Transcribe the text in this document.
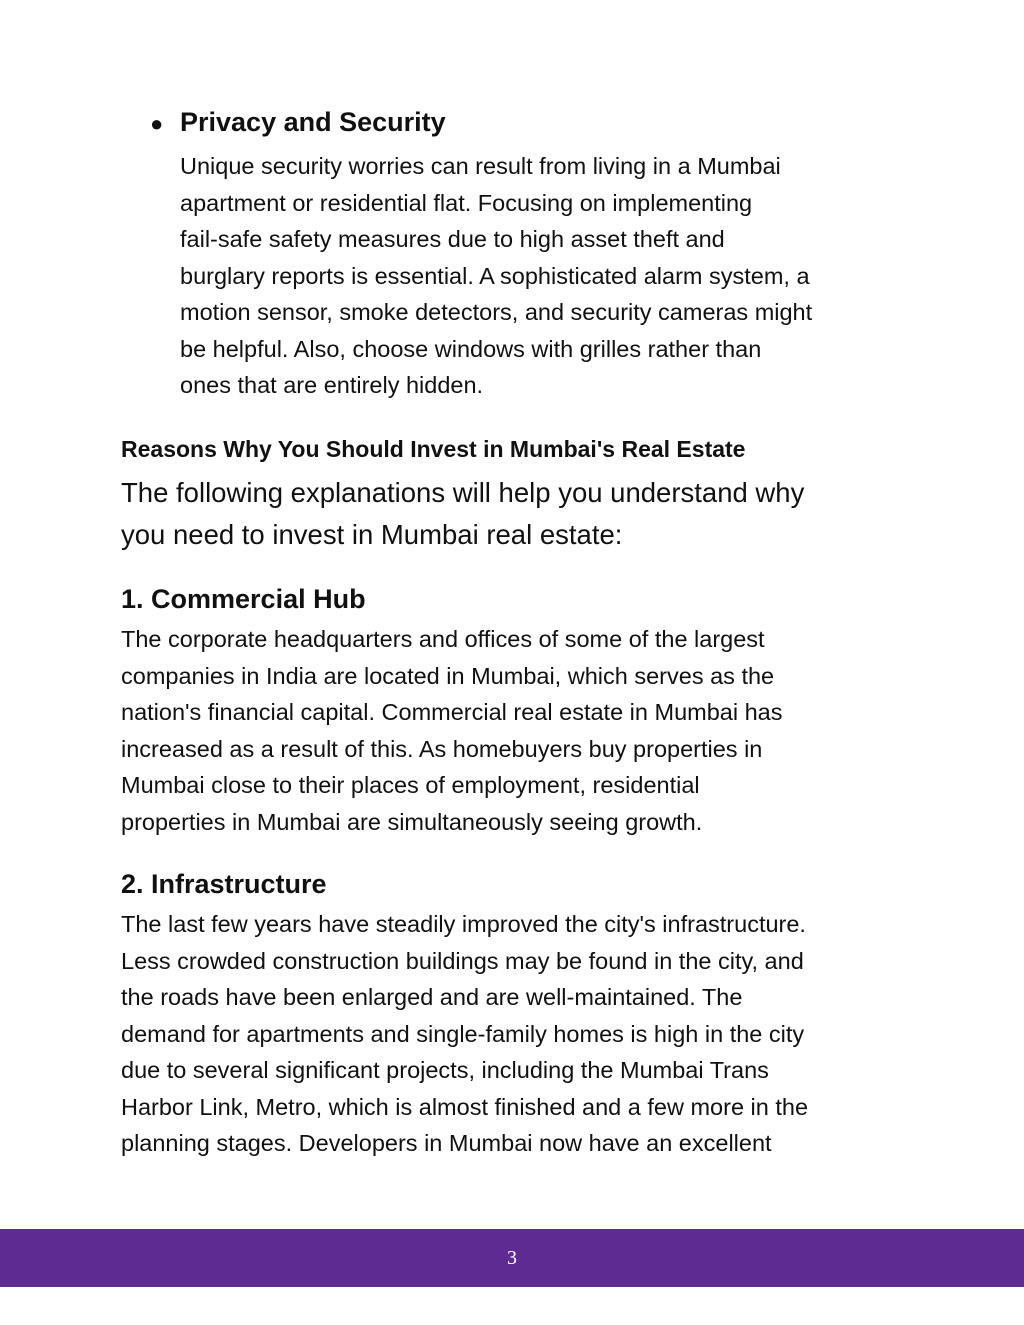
● Privacy and Security
Unique security worries can result from living in a Mumbai
apartment or residential flat. Focusing on implementing
fail-safe safety measures due to high asset theft and
burglary reports is essential. A sophisticated alarm system, a
motion sensor, smoke detectors, and security cameras might
be helpful. Also, choose windows with grilles rather than
ones that are entirely hidden.
Reasons Why You Should Invest in Mumbai's Real Estate
The following explanations will help you understand why
you need to invest in Mumbai real estate:
1. Commercial Hub
The corporate headquarters and offices of some of the largest
companies in India are located in Mumbai, which serves as the
nation's financial capital. Commercial real estate in Mumbai has
increased as a result of this. As homebuyers buy properties in
Mumbai close to their places of employment, residential
properties in Mumbai are simultaneously seeing growth.
2. Infrastructure
The last few years have steadily improved the city's infrastructure.
Less crowded construction buildings may be found in the city, and
the roads have been enlarged and are well-maintained. The
demand for apartments and single-family homes is high in the city
due to several significant projects, including the Mumbai Trans
Harbor Link, Metro, which is almost finished and a few more in the
planning stages. Developers in Mumbai now have an excellent
3
